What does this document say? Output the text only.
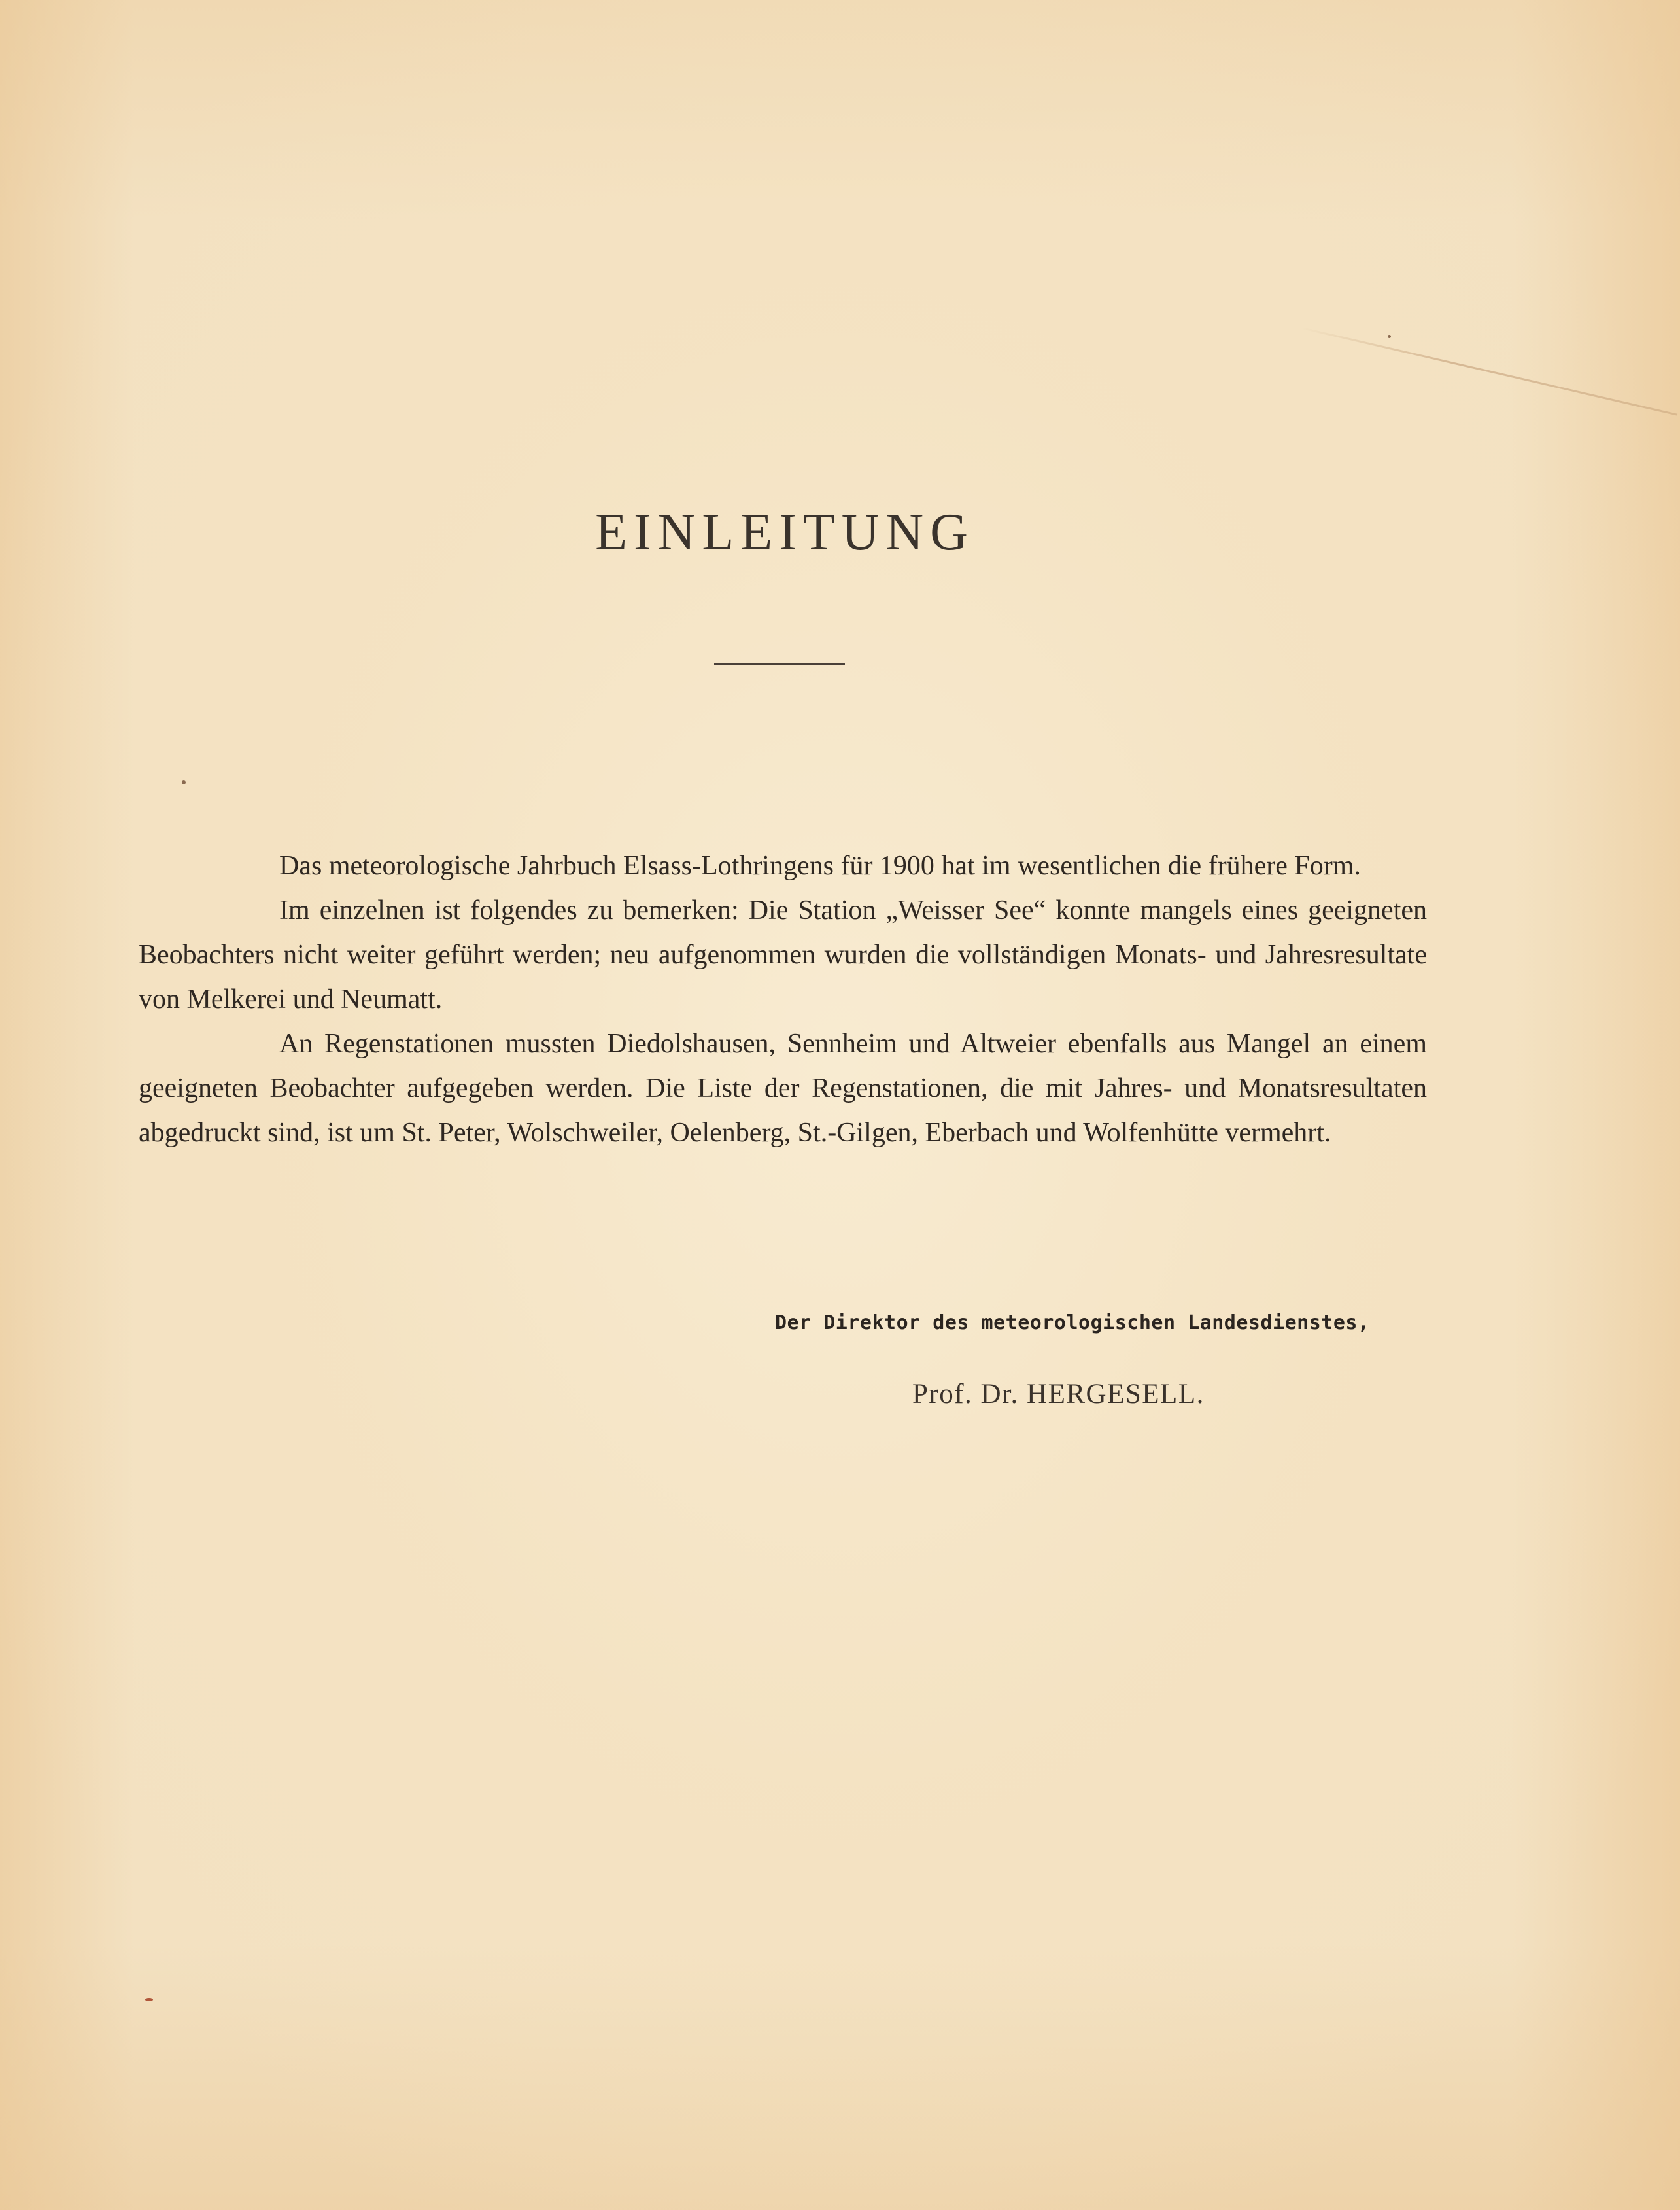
EINLEITUNG

Das meteorologische Jahrbuch Elsass-Lothringens für 1900 hat im wesentlichen die frühere Form.

Im einzelnen ist folgendes zu bemerken: Die Station „Weisser See“ konnte mangels eines geeigneten Beobachters nicht weiter geführt werden; neu aufgenommen wurden die vollständigen Monats- und Jahresresultate von Melkerei und Neumatt.

An Regenstationen mussten Diedolshausen, Sennheim und Altweier ebenfalls aus Mangel an einem geeigneten Beobachter aufgegeben werden. Die Liste der Regenstationen, die mit Jahres- und Monatsresultaten abgedruckt sind, ist um St. Peter, Wolschweiler, Oelenberg, St.-Gilgen, Eberbach und Wolfenhütte vermehrt.

Der Direktor des meteorologischen Landesdienstes,
Prof. Dr. HERGESELL.
